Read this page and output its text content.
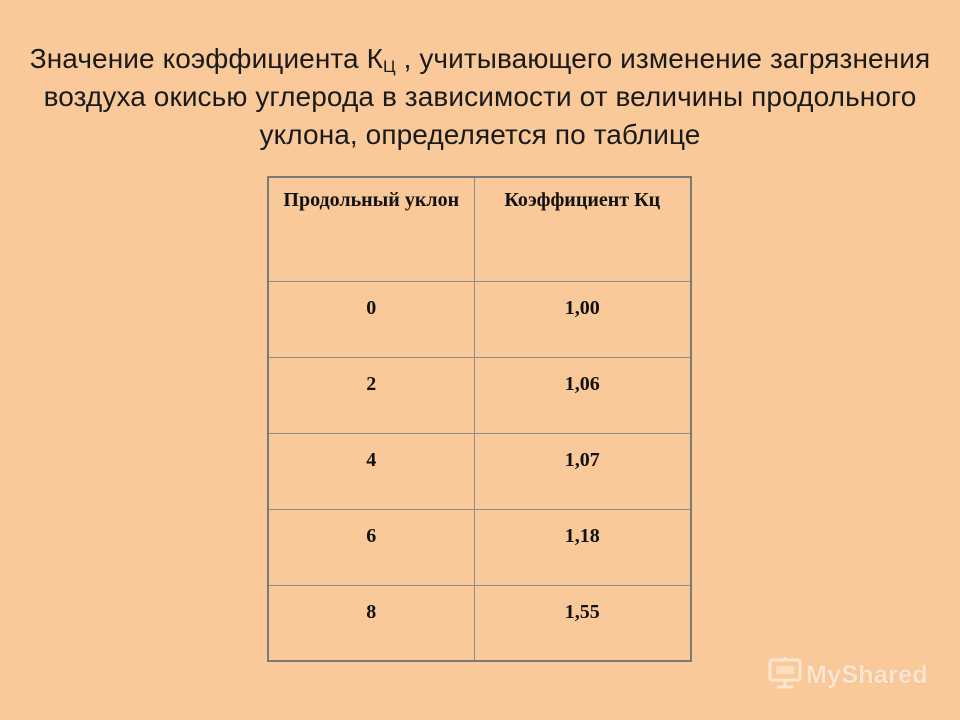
Значение коэффициента $К_Ц$ , учитывающего изменение загрязнения
воздуха окисью углерода в зависимости от величины продольного
уклона, определяется по таблице
Продольный уклон	Коэффициент Кц
0	1,00
2	1,06
4	1,07
6	1,18
8	1,55
MyShared
